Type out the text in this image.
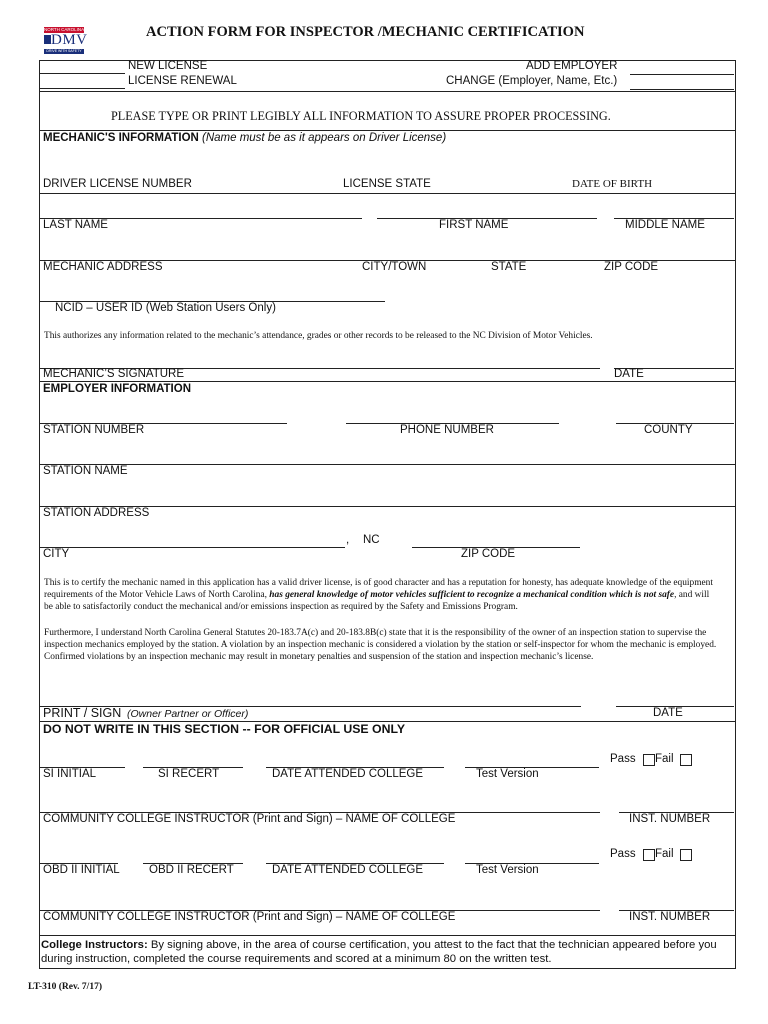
NORTH CAROLINA
DMV
DRIVE WITH SAFETY
ACTION FORM FOR INSPECTOR /MECHANIC CERTIFICATION
NEW LICENSE
LICENSE RENEWAL
ADD EMPLOYER
CHANGE (Employer, Name, Etc.)
PLEASE TYPE OR PRINT LEGIBLY ALL INFORMATION TO ASSURE PROPER PROCESSING.
MECHANIC'S INFORMATION (Name must be as it appears on Driver License)
DRIVER LICENSE NUMBER	LICENSE STATE	DATE OF BIRTH
LAST NAME	FIRST NAME	MIDDLE NAME
MECHANIC ADDRESS	CITY/TOWN	STATE	ZIP CODE
NCID – USER ID (Web Station Users Only)
This authorizes any information related to the mechanic’s attendance, grades or other records to be released to the NC Division of Motor Vehicles.
MECHANIC’S SIGNATURE	DATE
EMPLOYER INFORMATION
STATION NUMBER	PHONE NUMBER	COUNTY
STATION NAME
STATION ADDRESS
, NC
CITY	ZIP CODE
This is to certify the mechanic named in this application has a valid driver license, is of good character and has a reputation for honesty, has adequate knowledge of the equipment requirements of the Motor Vehicle Laws of North Carolina, has general knowledge of motor vehicles sufficient to recognize a mechanical condition which is not safe, and will be able to satisfactorily conduct the mechanical and/or emissions inspection as required by the Safety and Emissions Program.
Furthermore, I understand North Carolina General Statutes 20-183.7A(c) and 20-183.8B(c) state that it is the responsibility of the owner of an inspection station to supervise the inspection mechanics employed by the station. A violation by an inspection mechanic is considered a violation by the station or self-inspector for whom the mechanic is employed. Confirmed violations by an inspection mechanic may result in monetary penalties and suspension of the station and inspection mechanic’s license.
PRINT / SIGN (Owner Partner or Officer)	DATE
DO NOT WRITE IN THIS SECTION -- FOR OFFICIAL USE ONLY
Pass Fail
SI INITIAL	SI RECERT	DATE ATTENDED COLLEGE	Test Version
COMMUNITY COLLEGE INSTRUCTOR (Print and Sign) – NAME OF COLLEGE	INST. NUMBER
Pass Fail
OBD II INITIAL	OBD II RECERT	DATE ATTENDED COLLEGE	Test Version
COMMUNITY COLLEGE INSTRUCTOR (Print and Sign) – NAME OF COLLEGE	INST. NUMBER
College Instructors: By signing above, in the area of course certification, you attest to the fact that the technician appeared before you during instruction, completed the course requirements and scored at a minimum 80 on the written test.
LT-310 (Rev. 7/17)
